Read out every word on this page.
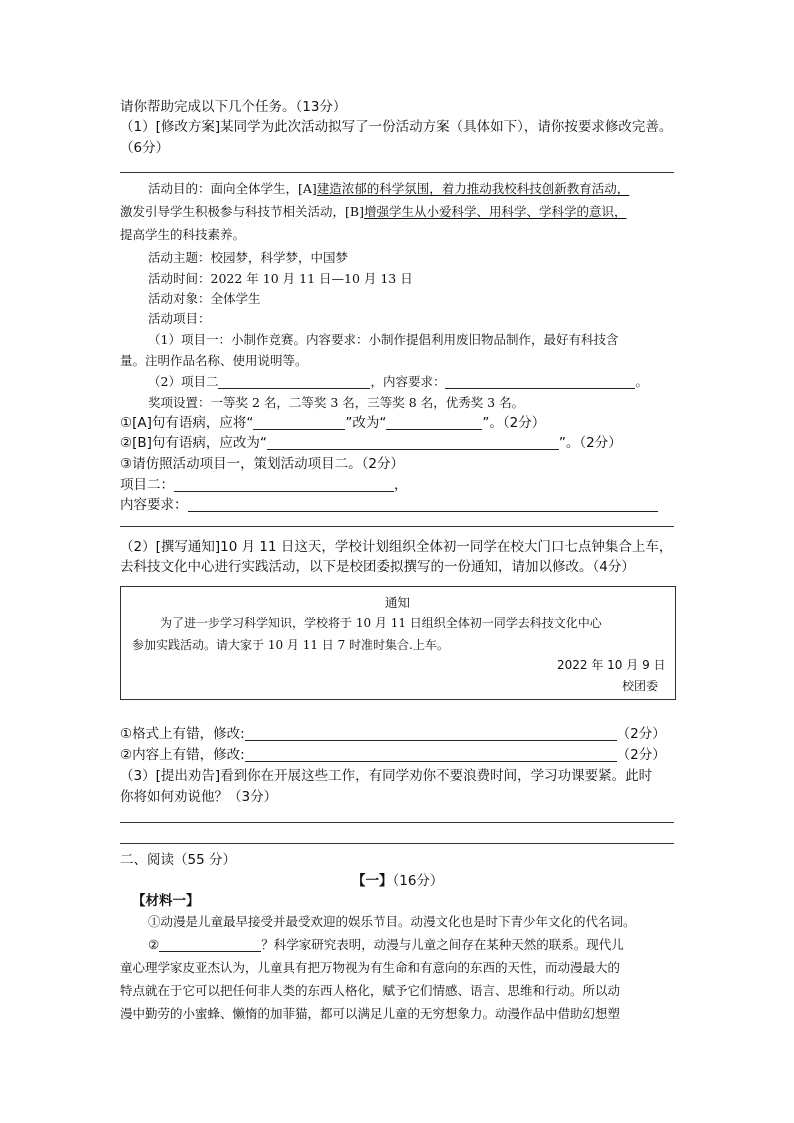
请你帮助完成以下几个任务。（13分）
（1）[修改方案]某同学为此次活动拟写了一份活动方案（具体如下），请你按要求修改完善。
（6分）
活动目的：面向全体学生，[A]建造浓郁的科学氛围，着力推动我校科技创新教育活动，
激发引导学生积极参与科技节相关活动，[B]增强学生从小爱科学、用科学、学科学的意识，
提高学生的科技素养。
活动主题：校园梦，科学梦，中国梦
活动时间：2022 年 10 月 11 日—10 月 13 日
活动对象：全体学生
活动项目：
（1）项目一：小制作竞赛。内容要求：小制作提倡利用废旧物品制作，最好有科技含
量。注明作品名称、使用说明等。
（2）项目二	，内容要求：	。
奖项设置：一等奖 2 名，二等奖 3 名，三等奖 8 名，优秀奖 3 名。
①[A]句有语病，应将“	”改为“	”。（2分）
②[B]句有语病，应改为“	”。（2分）
③请仿照活动项目一，策划活动项目二。（2分）
项目二：	，
内容要求：
（2）[撰写通知]10 月 11 日这天，学校计划组织全体初一同学在校大门口七点钟集合上车，
去科技文化中心进行实践活动，以下是校团委拟撰写的一份通知，请加以修改。（4分）
通知
为了进一步学习科学知识，学校将于 10 月 11 日组织全体初一同学去科技文化中心
参加实践活动。请大家于 10 月 11 日 7 时准时集合.上车。
2022 年 10 月 9 日
校团委
①格式上有错，修改:	（2分）
②内容上有错，修改:	（2分）
（3）[提出劝告]看到你在开展这些工作，有同学劝你不要浪费时间，学习功课要紧。此时
你将如何劝说他？（3分）
二、阅读（55 分）
【一】（16分）
【材料一】
①动漫是儿童最早接受并最受欢迎的娱乐节目。动漫文化也是时下青少年文化的代名词。
②	？科学家研究表明，动漫与儿童之间存在某种天然的联系。现代儿
童心理学家皮亚杰认为，儿童具有把万物视为有生命和有意向的东西的天性，而动漫最大的
特点就在于它可以把任何非人类的东西人格化，赋予它们情感、语言、思维和行动。所以动
漫中勤劳的小蜜蜂、懒惰的加菲猫，都可以满足儿童的无穷想象力。动漫作品中借助幻想塑
